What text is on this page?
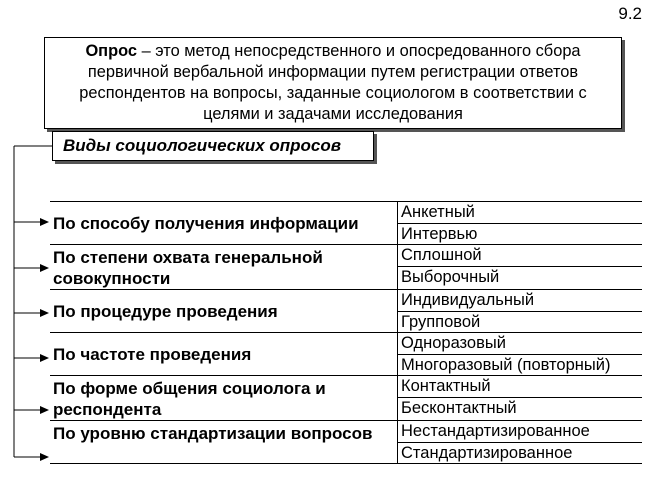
9.2
Опрос – это метод непосредственного и опосредованного сбора первичной вербальной информации путем регистрации ответов респондентов на вопросы, заданные социологом в соответствии с целями и задачами исследования
Виды социологических опросов
По способу получения информации
Анкетный
Интервью
По степени охвата генеральной совокупности
Сплошной
Выборочный
По процедуре проведения
Индивидуальный
Групповой
По частоте проведения
Одноразовый
Многоразовый (повторный)
По форме общения социолога и респондента
Контактный
Бесконтактный
По уровню стандартизации вопросов	Нестандартизированное
Стандартизированное
